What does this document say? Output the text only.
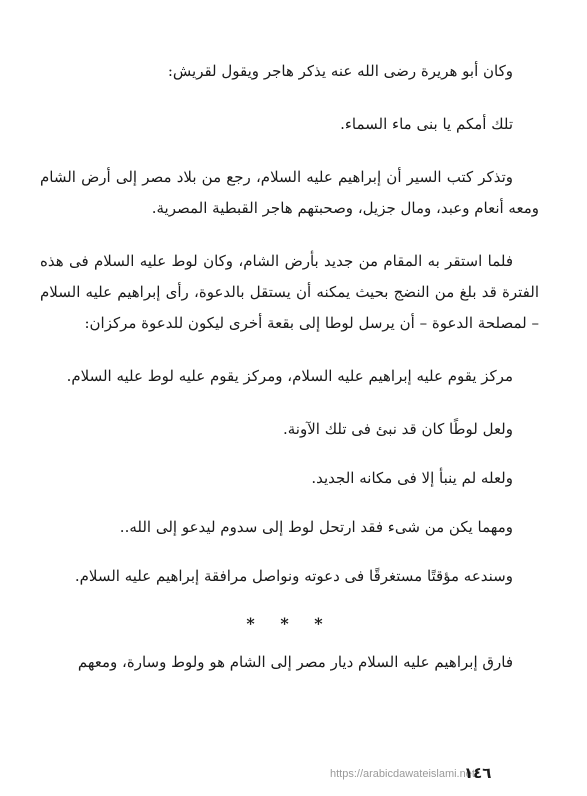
وكان أبو هريرة رضى الله عنه يذكر هاجر ويقول لقريش:

تلك أمكم يا بنى ماء السماء.

وتذكر كتب السير أن إبراهيم عليه السلام، رجع من بلاد مصر إلى أرض الشام ومعه أنعام وعبد، ومال جزيل، وصحبتهم هاجر القبطية المصرية.

فلما استقر به المقام من جديد بأرض الشام، وكان لوط عليه السلام فى هذه الفترة قد بلغ من النضج بحيث يمكنه أن يستقل بالدعوة، رأى إبراهيم عليه السلام – لمصلحة الدعوة – أن يرسل لوطا إلى بقعة أخرى ليكون للدعوة مركزان:

مركز يقوم عليه إبراهيم عليه السلام، ومركز يقوم عليه لوط عليه السلام.

ولعل لوطًا كان قد نبئ فى تلك الآونة.

ولعله لم ينبأ إلا فى مكانه الجديد.

ومهما يكن من شىء فقد ارتحل لوط إلى سدوم ليدعو إلى الله..

وسندعه مؤقتًا مستغرقًا فى دعوته ونواصل مرافقة إبراهيم عليه السلام.

* * *

فارق إبراهيم عليه السلام ديار مصر إلى الشام هو ولوط وسارة، ومعهم

https://arabicdawateislami.net
١٤٦
